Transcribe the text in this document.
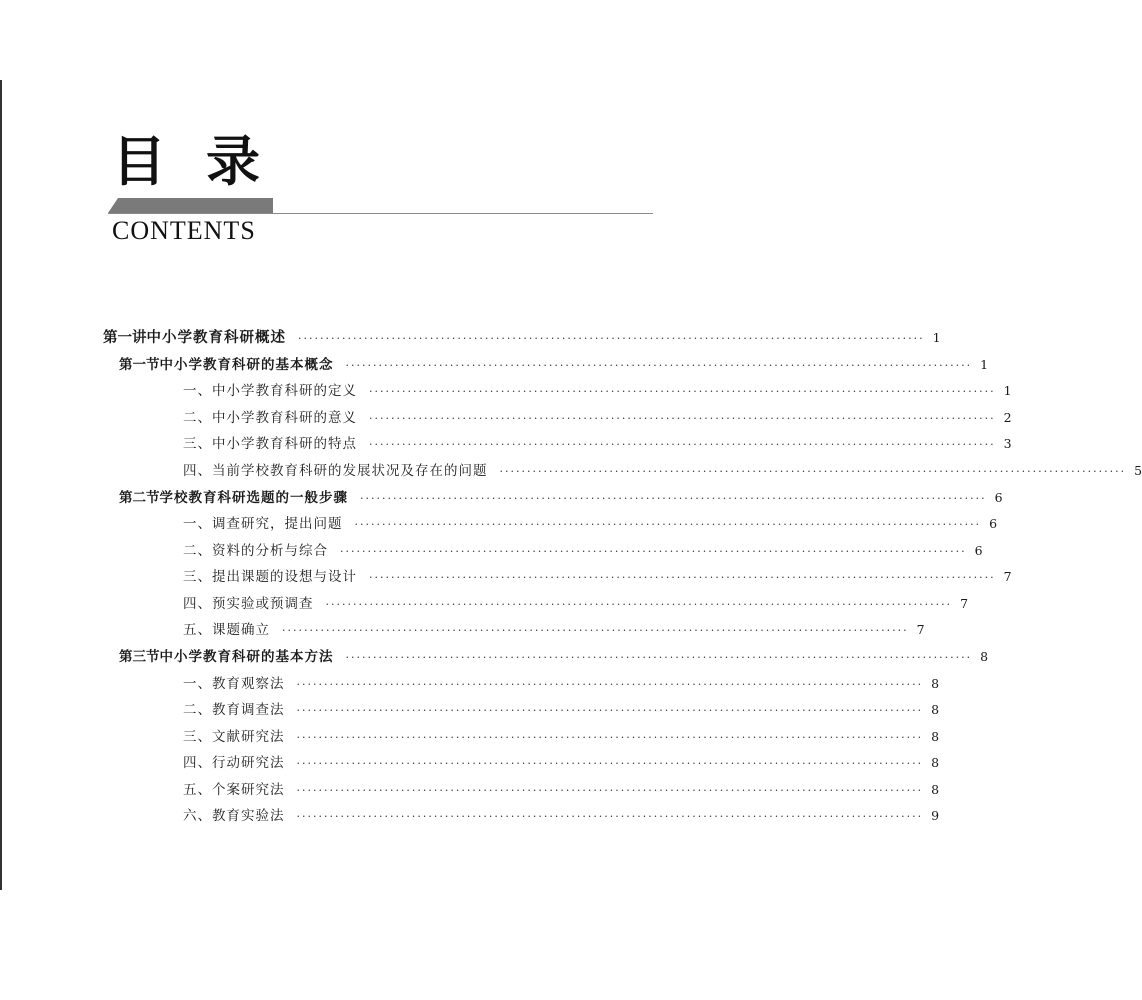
目录
CONTENTS
第一讲 中小学教育科研概述 ·················································································································· 1
第一节 中小学教育科研的基本概念 ·················································································································· 1
一、中小学教育科研的定义 ·················································································································· 1
二、中小学教育科研的意义 ·················································································································· 2
三、中小学教育科研的特点 ·················································································································· 3
四、当前学校教育科研的发展状况及存在的问题 ·················································································································· 5
第二节 学校教育科研选题的一般步骤 ·················································································································· 6
一、调查研究，提出问题 ·················································································································· 6
二、资料的分析与综合 ·················································································································· 6
三、提出课题的设想与设计 ·················································································································· 7
四、预实验或预调查 ·················································································································· 7
五、课题确立 ·················································································································· 7
第三节 中小学教育科研的基本方法 ·················································································································· 8
一、教育观察法 ·················································································································· 8
二、教育调查法 ·················································································································· 8
三、文献研究法 ·················································································································· 8
四、行动研究法 ·················································································································· 8
五、个案研究法 ·················································································································· 8
六、教育实验法 ·················································································································· 9
